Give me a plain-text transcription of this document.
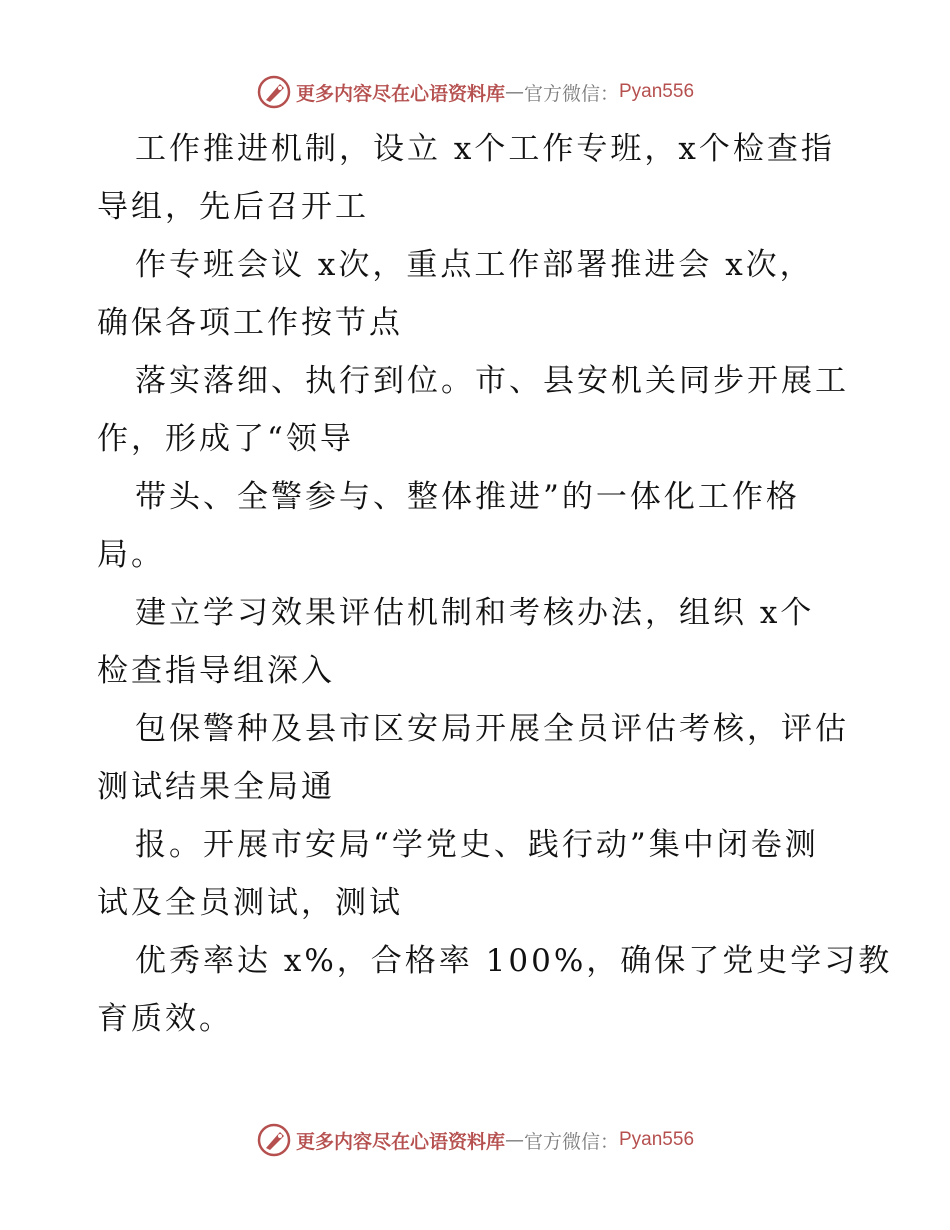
更多内容尽在心语资料库 — 官方微信： Pyan556
工作推进机制，设立 x个工作专班，x个检查指
导组，先后召开工
作专班会议 x次，重点工作部署推进会 x次，
确保各项工作按节点
落实落细、执行到位。市、县安机关同步开展工
作，形成了“领导
带头、全警参与、整体推进”的一体化工作格
局。
建立学习效果评估机制和考核办法，组织 x个
检查指导组深入
包保警种及县市区安局开展全员评估考核，评估
测试结果全局通
报。开展市安局“学党史、践行动”集中闭卷测
试及全员测试，测试
优秀率达 x%，合格率 100%，确保了党史学习教
育质效。
更多内容尽在心语资料库 — 官方微信： Pyan556
